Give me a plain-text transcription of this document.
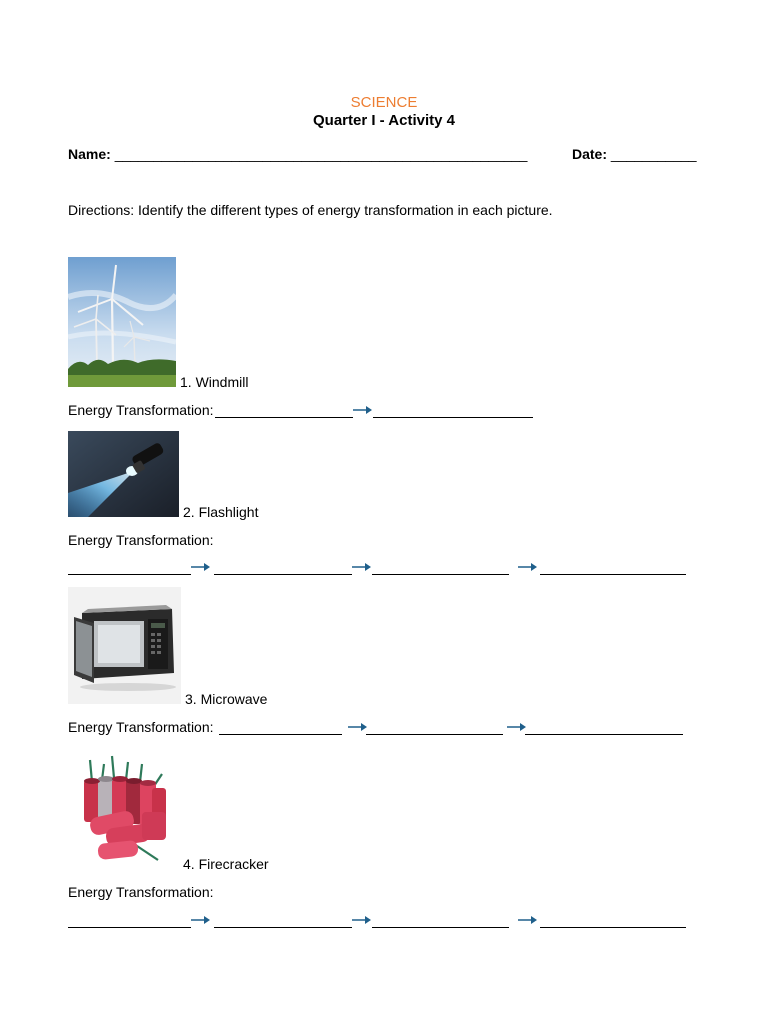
SCIENCE
Quarter I - Activity 4
Name: _____________________________________________________	Date: ___________
Directions: Identify the different types of energy transformation in each picture.
1. Windmill
Energy Transformation:
2. Flashlight
Energy Transformation:
3. Microwave
Energy Transformation:
4. Firecracker
Energy Transformation:
